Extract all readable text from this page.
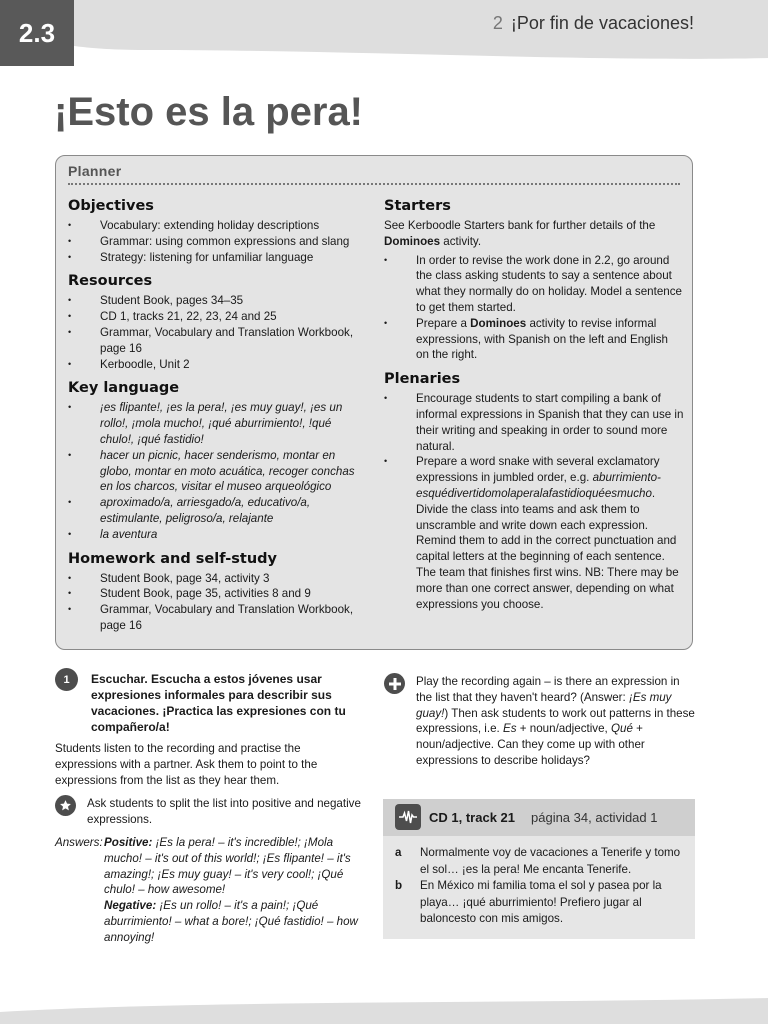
2.3	2 ¡Por fin de vacaciones!
¡Esto es la pera!
Planner
Objectives
• Vocabulary: extending holiday descriptions
• Grammar: using common expressions and slang
• Strategy: listening for unfamiliar language
Resources
• Student Book, pages 34–35
• CD 1, tracks 21, 22, 23, 24 and 25
• Grammar, Vocabulary and Translation Workbook, page 16
• Kerboodle, Unit 2
Key language
• ¡es flipante!, ¡es la pera!, ¡es muy guay!, ¡es un rollo!, ¡mola mucho!, ¡qué aburrimiento!, !qué chulo!, ¡qué fastidio!
• hacer un picnic, hacer senderismo, montar en globo, montar en moto acuática, recoger conchas en los charcos, visitar el museo arqueológico
• aproximado/a, arriesgado/a, educativo/a, estimulante, peligroso/a, relajante
• la aventura
Homework and self-study
• Student Book, page 34, activity 3
• Student Book, page 35, activities 8 and 9
• Grammar, Vocabulary and Translation Workbook, page 16
Starters

See Kerboodle Starters bank for further details of the Dominoes activity.

• In order to revise the work done in 2.2, go around the class asking students to say a sentence about what they normally do on holiday. Model a sentence to get them started.
• Prepare a Dominoes activity to revise informal expressions, with Spanish on the left and English on the right.
Plenaries
• Encourage students to start compiling a bank of informal expressions in Spanish that they can use in their writing and speaking in order to sound more natural.
• Prepare a word snake with several exclamatory expressions in jumbled order, e.g. aburrimiento-esquédivertidomolaperalafastidioquéesmucho. Divide the class into teams and ask them to unscramble and write down each expression. Remind them to add in the correct punctuation and capital letters at the beginning of each sentence. The team that finishes first wins. NB: There may be more than one correct answer, depending on what expressions you choose.
1	Escuchar. Escucha a estos jóvenes usar expresiones informales para describir sus vacaciones. ¡Practica las expresiones con tu compañero/a!
Students listen to the recording and practise the expressions with a partner. Ask them to point to the expressions from the list as they hear them.
Ask students to split the list into positive and negative expressions.
Answers: Positive: ¡Es la pera! – it's incredible!; ¡Mola mucho! – it's out of this world!; ¡Es flipante! – it's amazing!; ¡Es muy guay! – it's very cool!; ¡Qué chulo! – how awesome!
Negative: ¡Es un rollo! – it's a pain!; ¡Qué aburrimiento! – what a bore!; ¡Qué fastidio! – how annoying!
Play the recording again – is there an expression in the list that they haven't heard? (Answer: ¡Es muy guay!) Then ask students to work out patterns in these expressions, i.e. Es + noun/adjective, Qué + noun/adjective. Can they come up with other expressions to describe holidays?
CD 1, track 21 página 34, actividad 1
a Normalmente voy de vacaciones a Tenerife y tomo el sol… ¡es la pera! Me encanta Tenerife.
b En México mi familia toma el sol y pasea por la playa… ¡qué aburrimiento! Prefiero jugar al baloncesto con mis amigos.
